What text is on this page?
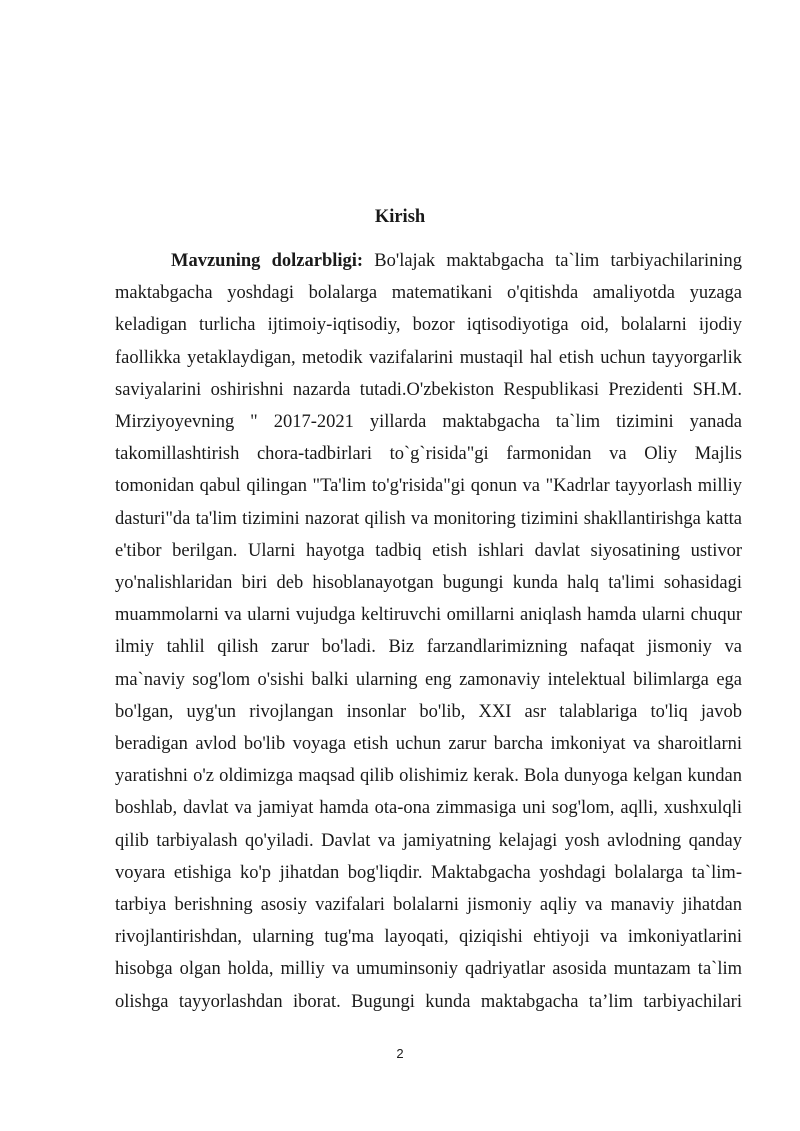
Kirish

Mavzuning dolzarbligi: Bo'lajak maktabgacha ta`lim tarbiyachilarining maktabgacha yoshdagi bolalarga matematikani o'qitishda amaliyotda yuzaga keladigan turlicha ijtimoiy-iqtisodiy, bozor iqtisodiyotiga oid, bolalarni ijodiy faollikka yetaklaydigan, metodik vazifalarini mustaqil hal etish uchun tayyorgarlik saviyalarini oshirishni nazarda tutadi.O'zbekiston Respublikasi Prezidenti SH.M. Mirziyoyevning " 2017-2021 yillarda maktabgacha ta`lim tizimini yanada takomillashtirish chora-tadbirlari to`g`risida"gi farmonidan va Oliy Majlis tomonidan qabul qilingan "Ta'lim to'g'risida"gi qonun va "Kadrlar tayyorlash milliy dasturi"da ta'lim tizimini nazorat qilish va monitoring tizimini shakllantirishga katta e'tibor berilgan. Ularni hayotga tadbiq etish ishlari davlat siyosatining ustivor yo'nalishlaridan biri deb hisoblanayotgan bugungi kunda halq ta'limi sohasidagi muammolarni va ularni vujudga keltiruvchi omillarni aniqlash hamda ularni chuqur ilmiy tahlil qilish zarur bo'ladi. Biz farzandlarimizning nafaqat jismoniy va ma`naviy sog'lom o'sishi balki ularning eng zamonaviy intelektual bilimlarga ega bo'lgan, uyg'un rivojlangan insonlar bo'lib, XXI asr talablariga to'liq javob beradigan avlod bo'lib voyaga etish uchun zarur barcha imkoniyat va sharoitlarni yaratishni o'z oldimizga maqsad qilib olishimiz kerak. Bola dunyoga kelgan kundan boshlab, davlat va jamiyat hamda ota-ona zimmasiga uni sog'lom, aqlli, xushxulqli qilib tarbiyalash qo'yiladi. Davlat va jamiyatning kelajagi yosh avlodning qanday voyara etishiga ko'p jihatdan bog'liqdir. Maktabgacha yoshdagi bolalarga ta`lim-tarbiya berishning asosiy vazifalari bolalarni jismoniy aqliy va manaviy jihatdan rivojlantirishdan, ularning tug'ma layoqati, qiziqishi ehtiyoji va imkoniyatlarini hisobga olgan holda, milliy va umuminsoniy qadriyatlar asosida muntazam ta`lim olishga tayyorlashdan iborat. Bugungi kunda maktabgacha ta’lim tarbiyachilari

2
